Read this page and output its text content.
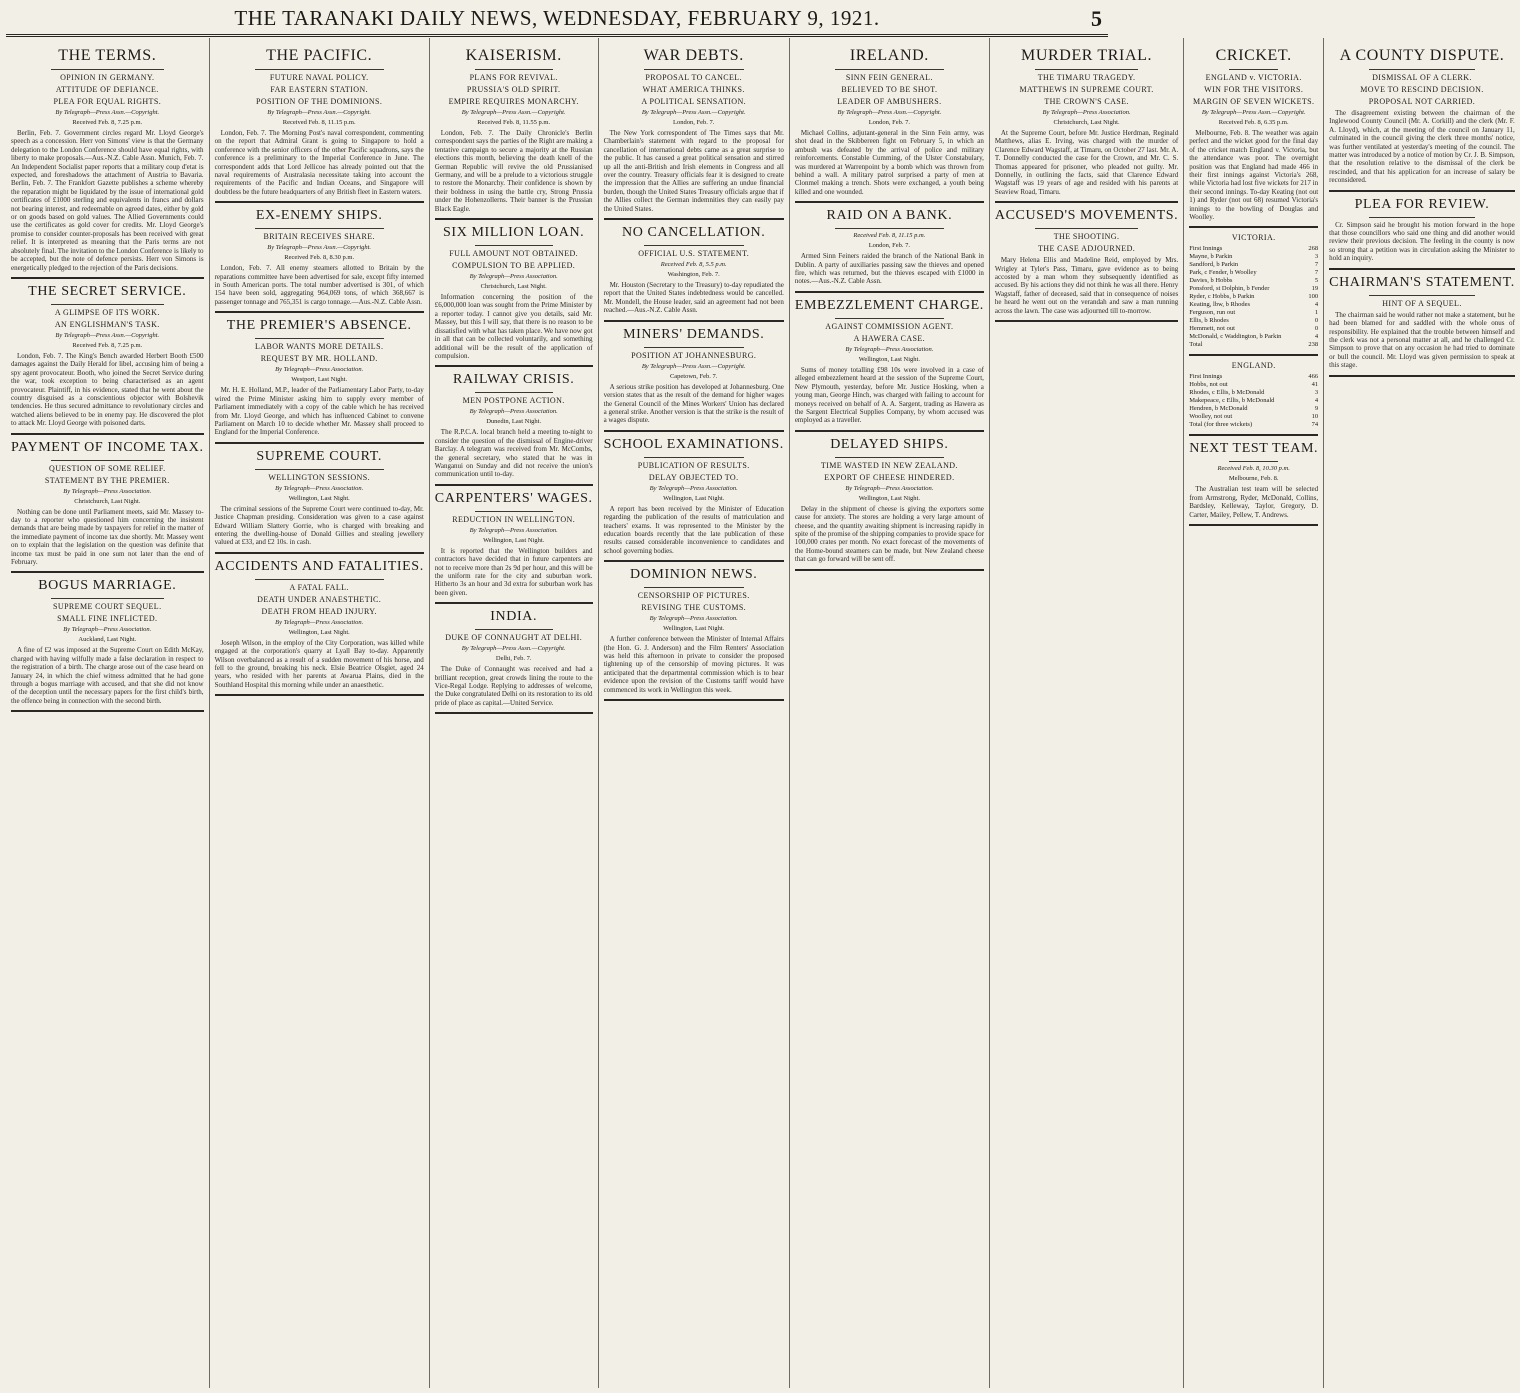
THE TARANAKI DAILY NEWS, WEDNESDAY, FEBRUARY 9, 1921.	5
THE TERMS.
OPINION IN GERMANY.
ATTITUDE OF DEFIANCE.
PLEA FOR EQUAL RIGHTS.
By Telegraph—Press Assn.—Copyright.
Received Feb. 8, 7.25 p.m.

Berlin, Feb. 7. Government circles regard Mr. Lloyd George's speech as a concession. Herr von Simons' view is that the Germany delegation to the London Conference should have equal rights, with liberty to make proposals.—Aus.-N.Z. Cable Assn. Munich, Feb. 7. An Independent Socialist paper reports that a military coup d'etat is expected, and foreshadows the attachment of Austria to Bavaria. Berlin, Feb. 7. The Frankfort Gazette publishes a scheme whereby the reparation might be liquidated by the issue of international gold certificates of £1000 sterling and equivalents in francs and dollars not bearing interest, and redeemable on agreed dates, either by gold or on goods based on gold values. The Allied Governments could use the certificates as gold cover for credits. Mr. Lloyd George's promise to consider counter-proposals has been received with great relief. It is interpreted as meaning that the Paris terms are not absolutely final. The invitation to the London Conference is likely to be accepted, but the note of defence persists. Herr von Simons is energetically pledged to the rejection of the Paris decisions.

THE SECRET SERVICE.
A GLIMPSE OF ITS WORK.
AN ENGLISHMAN'S TASK.
By Telegraph—Press Assn.—Copyright.
Received Feb. 8, 7.25 p.m.

London, Feb. 7. The King's Bench awarded Herbert Booth £500 damages against the Daily Herald for libel, accusing him of being a spy agent provocateur. Booth, who joined the Secret Service during the war, took exception to being characterised as an agent provocateur. Plaintiff, in his evidence, stated that he went about the country disguised as a conscientious objector with Bolshevik tendencies. He thus secured admittance to revolutionary circles and watched aliens believed to be in enemy pay. He discovered the plot to attack Mr. Lloyd George with poisoned darts.

PAYMENT OF INCOME TAX.
QUESTION OF SOME RELIEF.
STATEMENT BY THE PREMIER.
By Telegraph—Press Association.
Christchurch, Last Night.

Nothing can be done until Parliament meets, said Mr. Massey to-day to a reporter who questioned him concerning the insistent demands that are being made by taxpayers for relief in the matter of the immediate payment of income tax due shortly. Mr. Massey went on to explain that the legislation on the question was definite that income tax must be paid in one sum not later than the end of February.

BOGUS MARRIAGE.
SUPREME COURT SEQUEL.
SMALL FINE INFLICTED.
By Telegraph—Press Association.
Auckland, Last Night.

A fine of £2 was imposed at the Supreme Court on Edith McKay, charged with having wilfully made a false declaration in respect to the registration of a birth. The charge arose out of the case heard on January 24, in which the chief witness admitted that he had gone through a bogus marriage with accused, and that she did not know of the deception until the necessary papers for the first child's birth, the offence being in connection with the second birth.

THE PACIFIC.
FUTURE NAVAL POLICY.
FAR EASTERN STATION.
POSITION OF THE DOMINIONS.
By Telegraph—Press Assn.—Copyright.
Received Feb. 8, 11.15 p.m.

London, Feb. 7. The Morning Post's naval correspondent, commenting on the report that Admiral Grant is going to Singapore to hold a conference with the senior officers of the other Pacific squadrons, says the conference is a preliminary to the Imperial Conference in June. The correspondent adds that Lord Jellicoe has already pointed out that the naval requirements of Australasia necessitate taking into account the requirements of the Pacific and Indian Oceans, and Singapore will doubtless be the future headquarters of any British fleet in Eastern waters.

EX-ENEMY SHIPS.
BRITAIN RECEIVES SHARE.
By Telegraph—Press Assn.—Copyright.
Received Feb. 8, 8.30 p.m.

London, Feb. 7. All enemy steamers allotted to Britain by the reparations committee have been advertised for sale, except fifty interned in South American ports. The total number advertised is 301, of which 154 have been sold, aggregating 964,069 tons, of which 368,667 is passenger tonnage and 765,351 is cargo tonnage.—Aus.-N.Z. Cable Assn.

THE PREMIER'S ABSENCE.
LABOR WANTS MORE DETAILS.
REQUEST BY MR. HOLLAND.
By Telegraph—Press Association.
Westport, Last Night.

Mr. H. E. Holland, M.P., leader of the Parliamentary Labor Party, to-day wired the Prime Minister asking him to supply every member of Parliament immediately with a copy of the cable which he has received from Mr. Lloyd George, and which has influenced Cabinet to convene Parliament on March 10 to decide whether Mr. Massey shall proceed to England for the Imperial Conference.

SUPREME COURT.
WELLINGTON SESSIONS.
By Telegraph—Press Association.
Wellington, Last Night.

The criminal sessions of the Supreme Court were continued to-day, Mr. Justice Chapman presiding. Consideration was given to a case against Edward William Slattery Gorrie, who is charged with breaking and entering the dwelling-house of Donald Gillies and stealing jewellery valued at £33, and £2 10s. in cash.

ACCIDENTS AND FATALITIES.
A FATAL FALL.
DEATH UNDER ANAESTHETIC.
DEATH FROM HEAD INJURY.
By Telegraph—Press Association.
Wellington, Last Night.

Joseph Wilson, in the employ of the City Corporation, was killed while engaged at the corporation's quarry at Lyall Bay to-day. Apparently Wilson overbalanced as a result of a sudden movement of his horse, and fell to the ground, breaking his neck. Elsie Beatrice Olsgiet, aged 24 years, who resided with her parents at Awarua Plains, died in the Southland Hospital this morning while under an anaesthetic.

KAISERISM.
PLANS FOR REVIVAL.
PRUSSIA'S OLD SPIRIT.
EMPIRE REQUIRES MONARCHY.
By Telegraph—Press Assn.—Copyright.
Received Feb. 8, 11.55 p.m.

London, Feb. 7. The Daily Chronicle's Berlin correspondent says the parties of the Right are making a tentative campaign to secure a majority at the Russian elections this month, believing the death knell of the German Republic will revive the old Prussianised Germany, and will be a prelude to a victorious struggle to restore the Monarchy. Their confidence is shown by their boldness in using the battle cry, Strong Prussia under the Hohenzollerns. Their banner is the Prussian Black Eagle.

SIX MILLION LOAN.
FULL AMOUNT NOT OBTAINED.
COMPULSION TO BE APPLIED.
By Telegraph—Press Association.
Christchurch, Last Night.

Information concerning the position of the £6,000,000 loan was sought from the Prime Minister by a reporter today. I cannot give you details, said Mr. Massey, but this I will say, that there is no reason to be dissatisfied with what has taken place. We have now got in all that can be collected voluntarily, and something additional will be the result of the application of compulsion.

RAILWAY CRISIS.
MEN POSTPONE ACTION.
By Telegraph—Press Association.
Dunedin, Last Night.

The R.P.C.A. local branch held a meeting to-night to consider the question of the dismissal of Engine-driver Barclay. A telegram was received from Mr. McCombs, the general secretary, who stated that he was in Wanganui on Sunday and did not receive the union's communication until to-day.

CARPENTERS' WAGES.
REDUCTION IN WELLINGTON.
By Telegraph—Press Association.
Wellington, Last Night.

It is reported that the Wellington builders and contractors have decided that in future carpenters are not to receive more than 2s 9d per hour, and this will be the uniform rate for the city and suburban work. Hitherto 3s an hour and 3d extra for suburban work has been given.

INDIA.
DUKE OF CONNAUGHT AT DELHI.
By Telegraph—Press Assn.—Copyright.
Delhi, Feb. 7.

The Duke of Connaught was received and had a brilliant reception, great crowds lining the route to the Vice-Regal Lodge. Replying to addresses of welcome, the Duke congratulated Delhi on its restoration to its old pride of place as capital.—United Service.

WAR DEBTS.
PROPOSAL TO CANCEL.
WHAT AMERICA THINKS.
A POLITICAL SENSATION.
By Telegraph—Press Assn.—Copyright.
London, Feb. 7.

The New York correspondent of The Times says that Mr. Chamberlain's statement with regard to the proposal for cancellation of international debts came as a great surprise to the public. It has caused a great political sensation and stirred up all the anti-British and Irish elements in Congress and all over the country. Treasury officials fear it is designed to create the impression that the Allies are suffering an undue financial burden, though the United States Treasury officials argue that if the Allies collect the German indemnities they can easily pay the United States.

NO CANCELLATION.
OFFICIAL U.S. STATEMENT.
Received Feb. 8, 5.5 p.m.
Washington, Feb. 7.

Mr. Houston (Secretary to the Treasury) to-day repudiated the report that the United States indebtedness would be cancelled. Mr. Mondell, the House leader, said an agreement had not been reached.—Aus.-N.Z. Cable Assn.

MINERS' DEMANDS.
POSITION AT JOHANNESBURG.
By Telegraph—Press Assn.—Copyright.
Capetown, Feb. 7.

A serious strike position has developed at Johannesburg. One version states that as the result of the demand for higher wages the General Council of the Mines Workers' Union has declared a general strike. Another version is that the strike is the result of a wages dispute.

SCHOOL EXAMINATIONS.
PUBLICATION OF RESULTS.
DELAY OBJECTED TO.
By Telegraph—Press Association.
Wellington, Last Night.

A report has been received by the Minister of Education regarding the publication of the results of matriculation and teachers' exams. It was represented to the Minister by the education boards recently that the late publication of these results caused considerable inconvenience to candidates and school governing bodies.

DOMINION NEWS.
CENSORSHIP OF PICTURES.
REVISING THE CUSTOMS.
By Telegraph—Press Association.
Wellington, Last Night.

A further conference between the Minister of Internal Affairs (the Hon. G. J. Anderson) and the Film Renters' Association was held this afternoon in private to consider the proposed tightening up of the censorship of moving pictures. It was anticipated that the departmental commission which is to hear evidence upon the revision of the Customs tariff would have commenced its work in Wellington this week.

IRELAND.
SINN FEIN GENERAL.
BELIEVED TO BE SHOT.
LEADER OF AMBUSHERS.
By Telegraph—Press Assn.—Copyright.
London, Feb. 7.

Michael Collins, adjutant-general in the Sinn Fein army, was shot dead in the Skibbereen fight on February 5, in which an ambush was defeated by the arrival of police and military reinforcements. Constable Cumming, of the Ulster Constabulary, was murdered at Warrenpoint by a bomb which was thrown from behind a wall. A military patrol surprised a party of men at Clonmel making a trench. Shots were exchanged, a youth being killed and one wounded.

RAID ON A BANK.
Received Feb. 8, 11.15 p.m.
London, Feb. 7.

Armed Sinn Feiners raided the branch of the National Bank in Dublin. A party of auxiliaries passing saw the thieves and opened fire, which was returned, but the thieves escaped with £1000 in notes.—Aus.-N.Z. Cable Assn.

EMBEZZLEMENT CHARGE.
AGAINST COMMISSION AGENT.
A HAWERA CASE.
By Telegraph—Press Association.
Wellington, Last Night.

Sums of money totalling £98 10s were involved in a case of alleged embezzlement heard at the session of the Supreme Court, New Plymouth, yesterday, before Mr. Justice Hosking, when a young man, George Hinch, was charged with failing to account for moneys received on behalf of A. A. Sargent, trading as Hawera as the Sargent Electrical Supplies Company, by whom accused was employed as a traveller.

DELAYED SHIPS.
TIME WASTED IN NEW ZEALAND.
EXPORT OF CHEESE HINDERED.
By Telegraph—Press Association.
Wellington, Last Night.

Delay in the shipment of cheese is giving the exporters some cause for anxiety. The stores are holding a very large amount of cheese, and the quantity awaiting shipment is increasing rapidly in spite of the promise of the shipping companies to provide space for 100,000 crates per month. No exact forecast of the movements of the Home-bound steamers can be made, but New Zealand cheese that can go forward will be sent off.

MURDER TRIAL.
THE TIMARU TRAGEDY.
MATTHEWS IN SUPREME COURT.
THE CROWN'S CASE.
By Telegraph—Press Association.
Christchurch, Last Night.

At the Supreme Court, before Mr. Justice Herdman, Reginald Matthews, alias E. Irving, was charged with the murder of Clarence Edward Wagstaff, at Timaru, on October 27 last. Mr. A. T. Donnelly conducted the case for the Crown, and Mr. C. S. Thomas appeared for prisoner, who pleaded not guilty. Mr. Donnelly, in outlining the facts, said that Clarence Edward Wagstaff was 19 years of age and resided with his parents at Seaview Road, Timaru.

ACCUSED'S MOVEMENTS.
THE SHOOTING.
THE CASE ADJOURNED.

Mary Helena Ellis and Madeline Reid, employed by Mrs. Wrigley at Tyler's Pass, Timaru, gave evidence as to being accosted by a man whom they subsequently identified as accused. By his actions they did not think he was all there. Henry Wagstaff, father of deceased, said that in consequence of noises he heard he went out on the verandah and saw a man running across the lawn. The case was adjourned till to-morrow.

CRICKET.
ENGLAND v. VICTORIA.
WIN FOR THE VISITORS.
MARGIN OF SEVEN WICKETS.
By Telegraph—Press Assn.—Copyright.
Received Feb. 8, 6.35 p.m.

Melbourne, Feb. 8. The weather was again perfect and the wicket good for the final day of the cricket match England v. Victoria, but the attendance was poor. The overnight position was that England had made 466 in their first innings against Victoria's 268, while Victoria had lost five wickets for 217 in their second innings. To-day Keating (not out 1) and Ryder (not out 68) resumed Victoria's innings to the bowling of Douglas and Woolley.

VICTORIA.
First Innings	268
Mayne, b Parkin	3
Sandford, b Parkin	7
Park, c Fender, b Woolley	7
Davies, b Hobbs	5
Ponsford, st Dolphin, b Fender	19
Ryder, c Hobbs, b Parkin	100
Keating, lbw, b Rhodes	4
Ferguson, run out	1
Ellis, b Rhodes	0
Hemmett, not out	0
McDonald, c Waddington, b Parkin	4
Total	238
ENGLAND.
First Innings	466
Hobbs, not out	41
Rhodes, c Ellis, b McDonald	3
Makepeace, c Ellis, b McDonald	4
Hendren, b McDonald	9
Woolley, not out	10
Total (for three wickets)	74
NEXT TEST TEAM.
Received Feb. 8, 10.30 p.m.
Melbourne, Feb. 8.

The Australian test team will be selected from Armstrong, Ryder, McDonald, Collins, Bardsley, Kelleway, Taylor, Gregory, D. Carter, Mailey, Pellew, T. Andrews.

A COUNTY DISPUTE.
DISMISSAL OF A CLERK.
MOVE TO RESCIND DECISION.
PROPOSAL NOT CARRIED.

The disagreement existing between the chairman of the Inglewood County Council (Mr. A. Corkill) and the clerk (Mr. F. A. Lloyd), which, at the meeting of the council on January 11, culminated in the council giving the clerk three months' notice, was further ventilated at yesterday's meeting of the council. The matter was introduced by a notice of motion by Cr. J. B. Simpson, that the resolution relative to the dismissal of the clerk be rescinded, and that his application for an increase of salary be reconsidered.

PLEA FOR REVIEW.

Cr. Simpson said he brought his motion forward in the hope that those councillors who said one thing and did another would review their previous decision. The feeling in the county is now so strong that a petition was in circulation asking the Minister to hold an inquiry.

CHAIRMAN'S STATEMENT.
HINT OF A SEQUEL.

The chairman said he would rather not make a statement, but he had been blamed for and saddled with the whole onus of responsibility. He explained that the trouble between himself and the clerk was not a personal matter at all, and he challenged Cr. Simpson to prove that on any occasion he had tried to dominate or bull the council. Mr. Lloyd was given permission to speak at this stage.
